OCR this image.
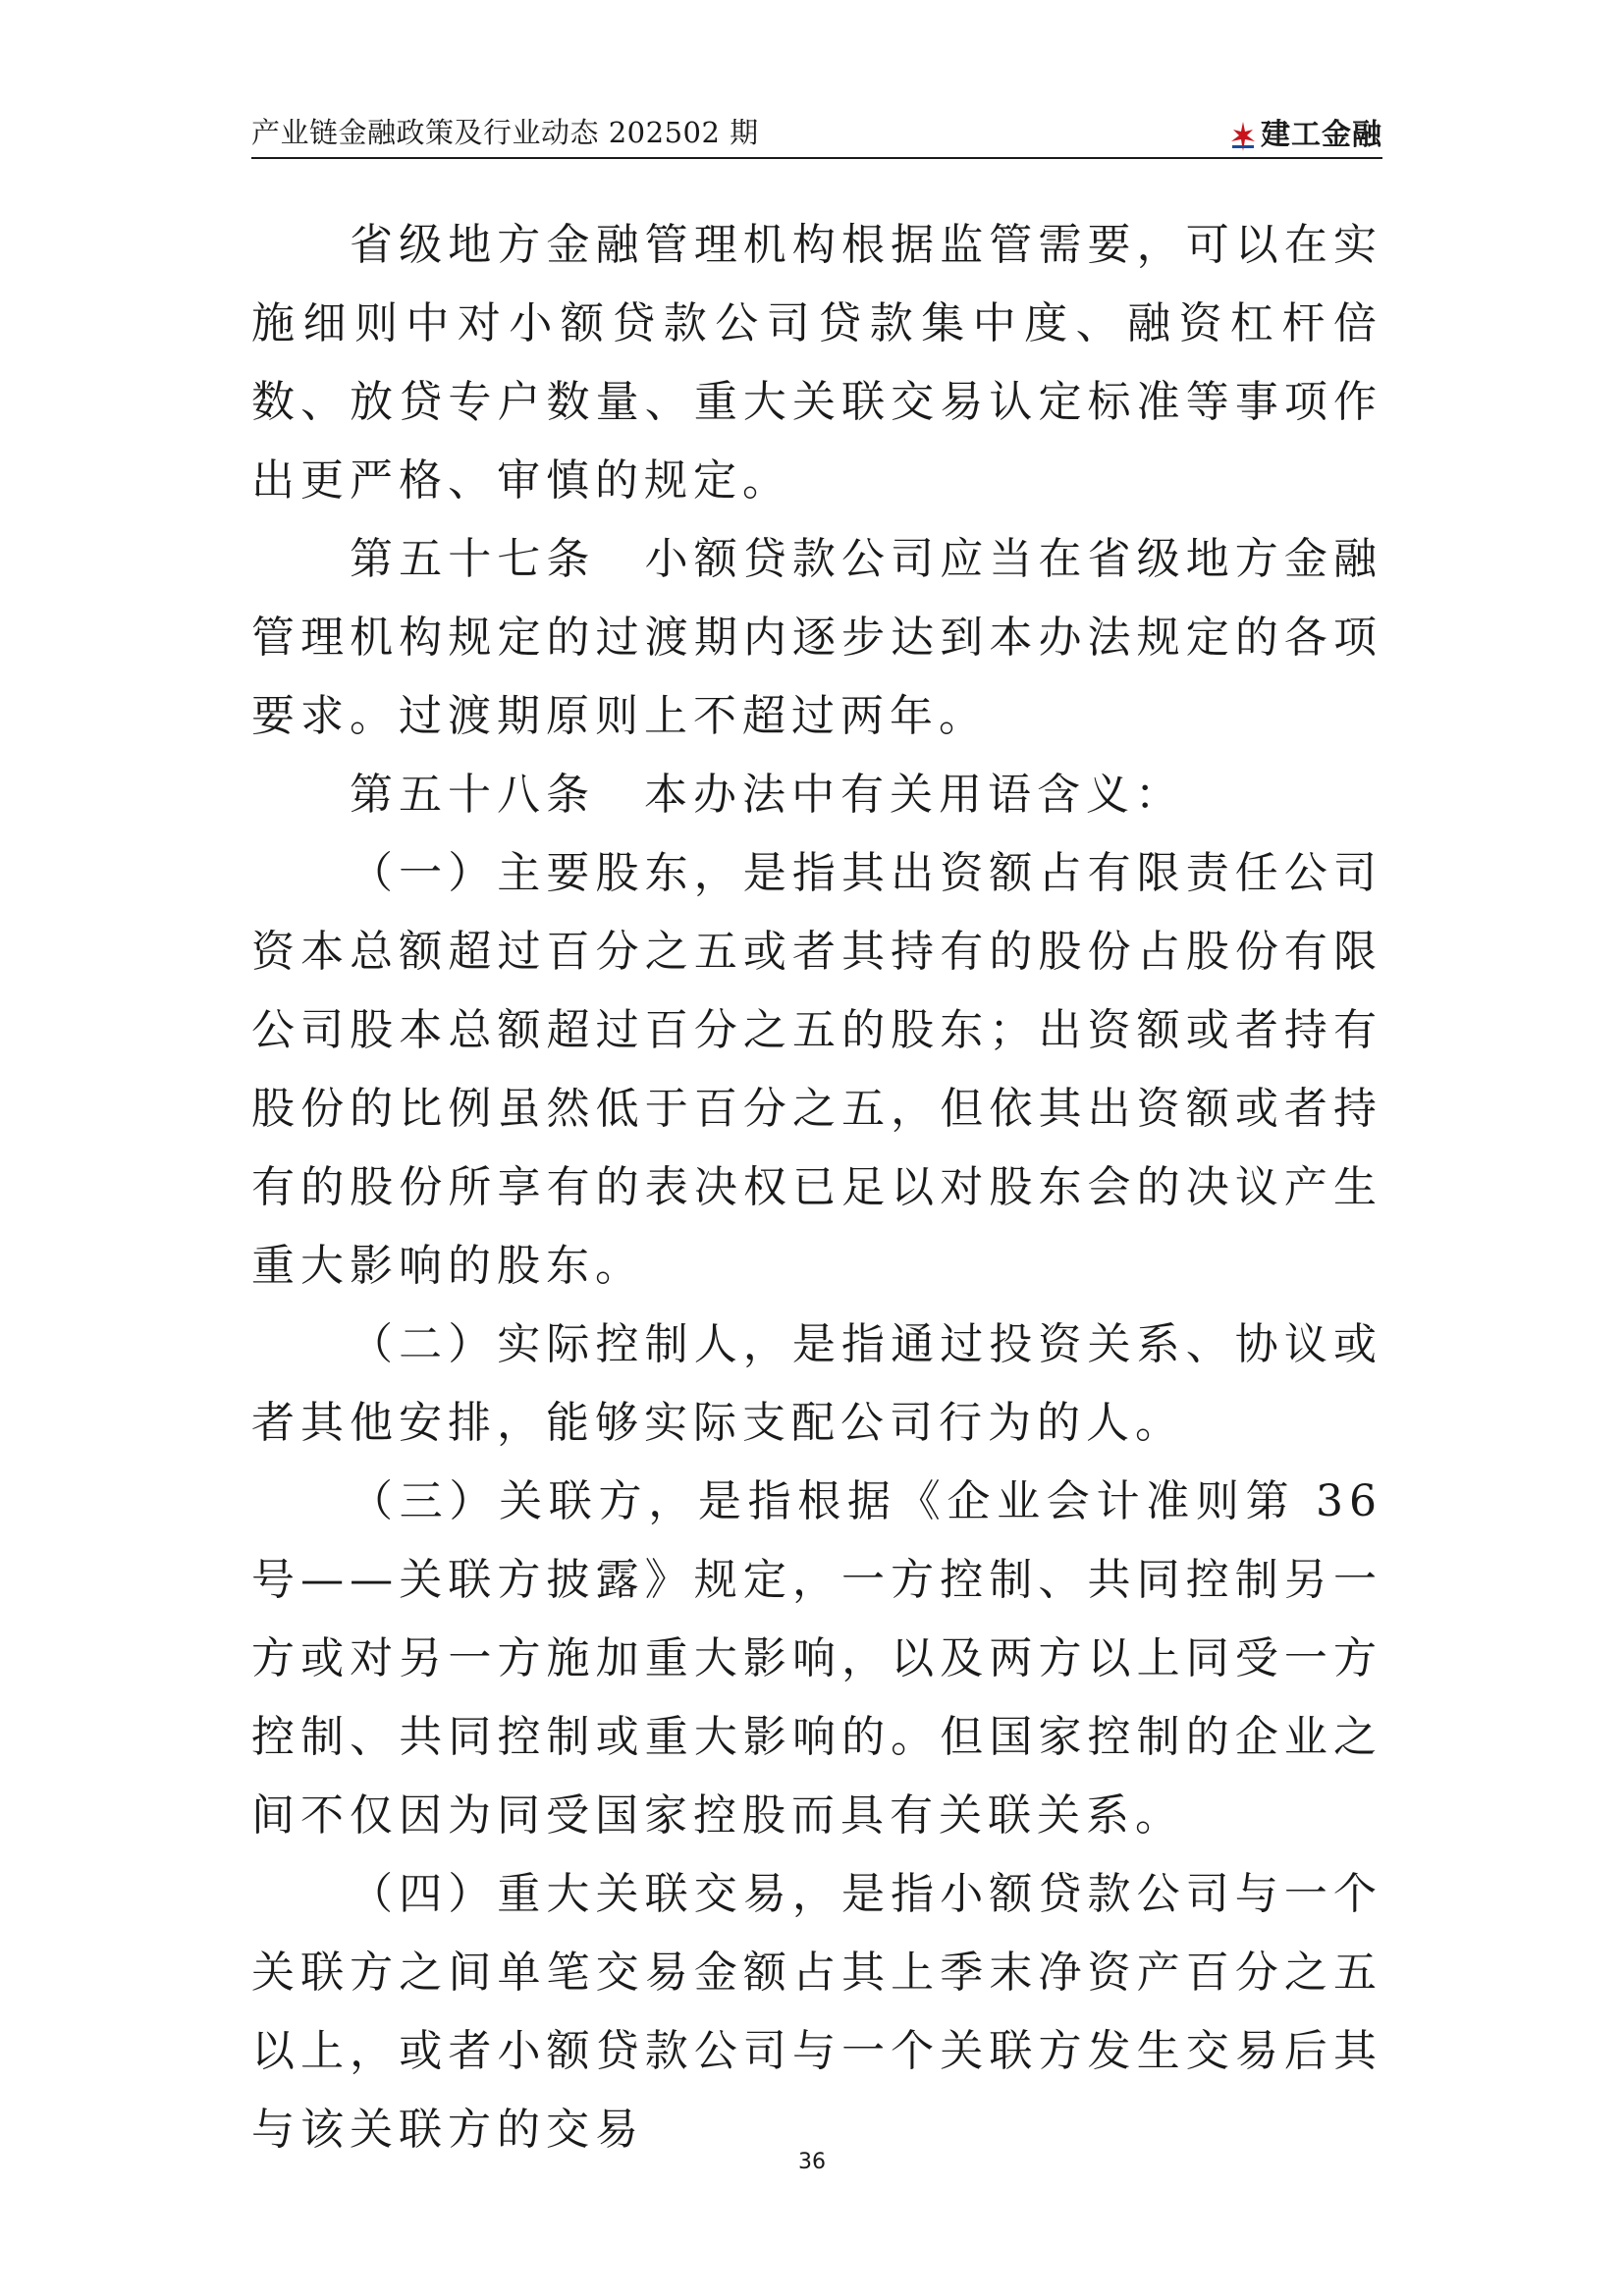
产业链金融政策及行业动态 202502 期	建工金融

省级地方金融管理机构根据监管需要，可以在实施细则中对小额贷款公司贷款集中度、融资杠杆倍数、放贷专户数量、重大关联交易认定标准等事项作出更严格、审慎的规定。

第五十七条　小额贷款公司应当在省级地方金融管理机构规定的过渡期内逐步达到本办法规定的各项要求。过渡期原则上不超过两年。

第五十八条　本办法中有关用语含义：

（一）主要股东，是指其出资额占有限责任公司资本总额超过百分之五或者其持有的股份占股份有限公司股本总额超过百分之五的股东；出资额或者持有股份的比例虽然低于百分之五，但依其出资额或者持有的股份所享有的表决权已足以对股东会的决议产生重大影响的股东。

（二）实际控制人，是指通过投资关系、协议或者其他安排，能够实际支配公司行为的人。

（三）关联方，是指根据《企业会计准则第 36 号——关联方披露》规定，一方控制、共同控制另一方或对另一方施加重大影响，以及两方以上同受一方控制、共同控制或重大影响的。但国家控制的企业之间不仅因为同受国家控股而具有关联关系。

（四）重大关联交易，是指小额贷款公司与一个关联方之间单笔交易金额占其上季末净资产百分之五以上，或者小额贷款公司与一个关联方发生交易后其与该关联方的交易

36
